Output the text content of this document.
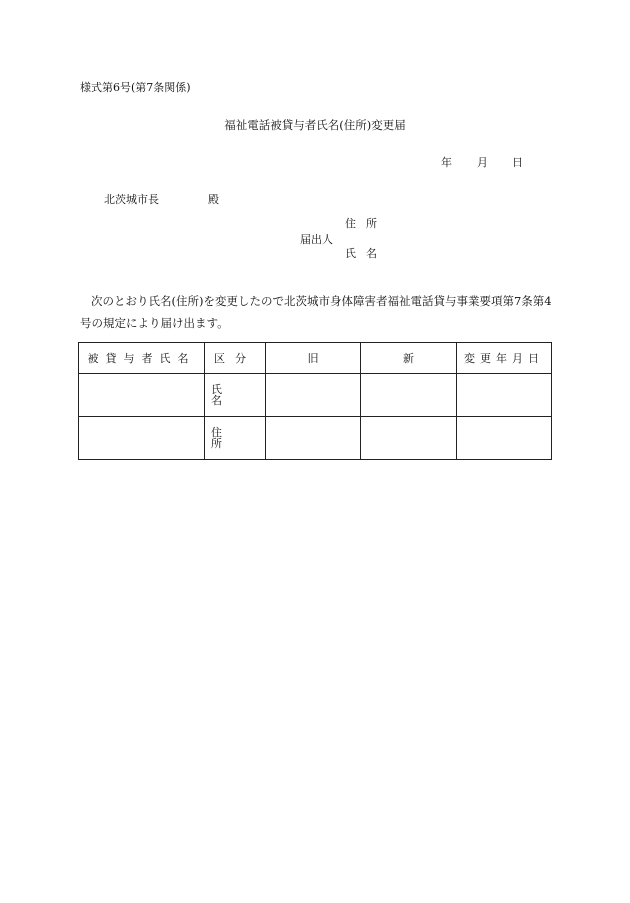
様式第6号(第7条関係)
福祉電話被貸与者氏名(住所)変更届
年 月 日
北茨城市長	殿
住所
届出人
氏名
次のとおり氏名(住所)を変更したので北茨城市身体障害者福祉電話貸与事業要項第7条第4号の規定により届け出ます。
被貸与者氏名	区分	旧	新	変更年月日
	氏名			
	住所			
